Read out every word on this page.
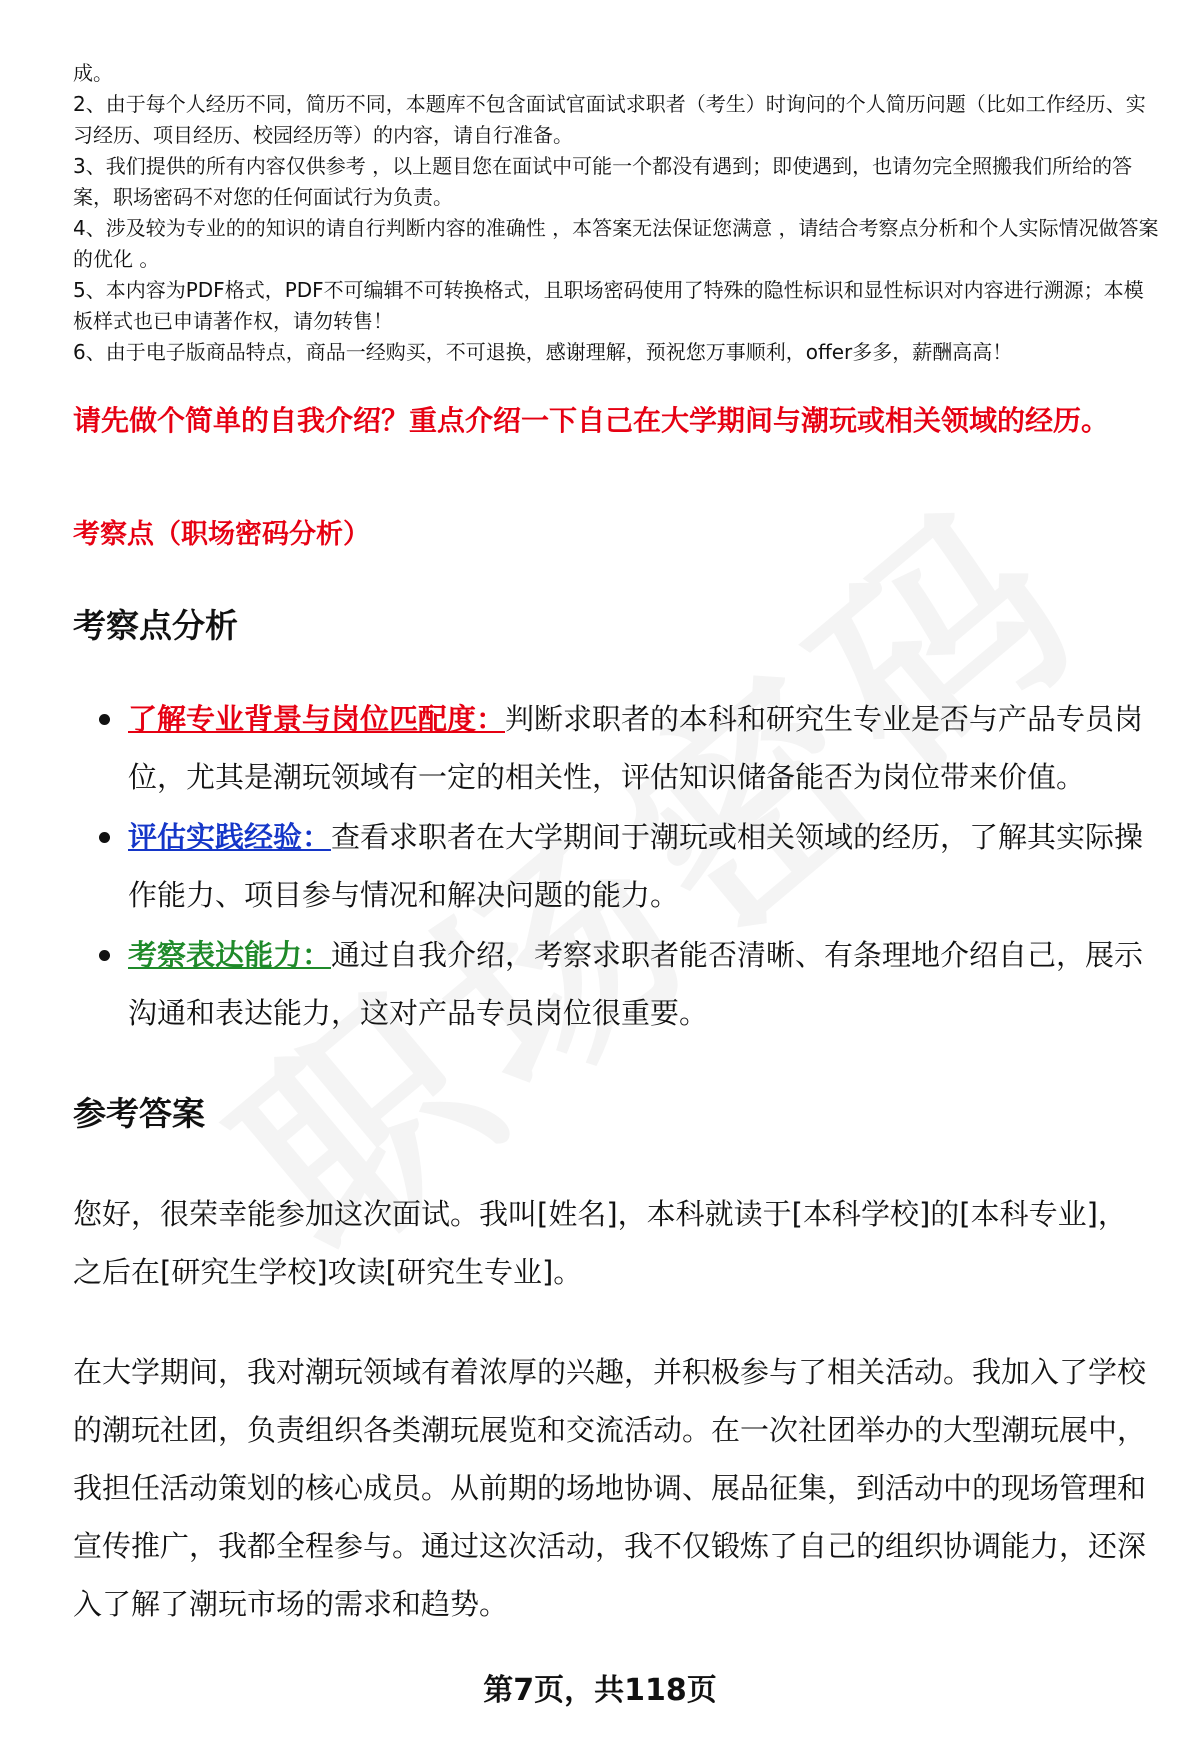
成。

2、由于每个人经历不同，简历不同，本题库不包含面试官面试求职者（考生）时询问的个人简历问题（比如工作经历、实习经历、项目经历、校园经历等）的内容，请自行准备。

3、我们提供的所有内容仅供参考 ，以上题目您在面试中可能一个都没有遇到；即使遇到，也请勿完全照搬我们所给的答案，职场密码不对您的任何面试行为负责。

4、涉及较为专业的的知识的请自行判断内容的准确性 ，本答案无法保证您满意 ，请结合考察点分析和个人实际情况做答案的优化 。

5、本内容为PDF格式，PDF不可编辑不可转换格式，且职场密码使用了特殊的隐性标识和显性标识对内容进行溯源；本模板样式也已申请著作权，请勿转售！

6、由于电子版商品特点，商品一经购买，不可退换，感谢理解，预祝您万事顺利，offer多多，薪酬高高！

请先做个简单的自我介绍？重点介绍一下自己在大学期间与潮玩或相关领域的经历。
考察点（职场密码分析）
考察点分析
了解专业背景与岗位匹配度：判断求职者的本科和研究生专业是否与产品专员岗位，尤其是潮玩领域有一定的相关性，评估知识储备能否为岗位带来价值。
评估实践经验：查看求职者在大学期间于潮玩或相关领域的经历，了解其实际操作能力、项目参与情况和解决问题的能力。
考察表达能力：通过自我介绍，考察求职者能否清晰、有条理地介绍自己，展示沟通和表达能力，这对产品专员岗位很重要。
参考答案

您好，很荣幸能参加这次面试。我叫[姓名]，本科就读于[本科学校]的[本科专业]，之后在[研究生学校]攻读[研究生专业]。

在大学期间，我对潮玩领域有着浓厚的兴趣，并积极参与了相关活动。我加入了学校的潮玩社团，负责组织各类潮玩展览和交流活动。在一次社团举办的大型潮玩展中，我担任活动策划的核心成员。从前期的场地协调、展品征集，到活动中的现场管理和宣传推广，我都全程参与。通过这次活动，我不仅锻炼了自己的组织协调能力，还深入了解了潮玩市场的需求和趋势。

第7页，共118页
